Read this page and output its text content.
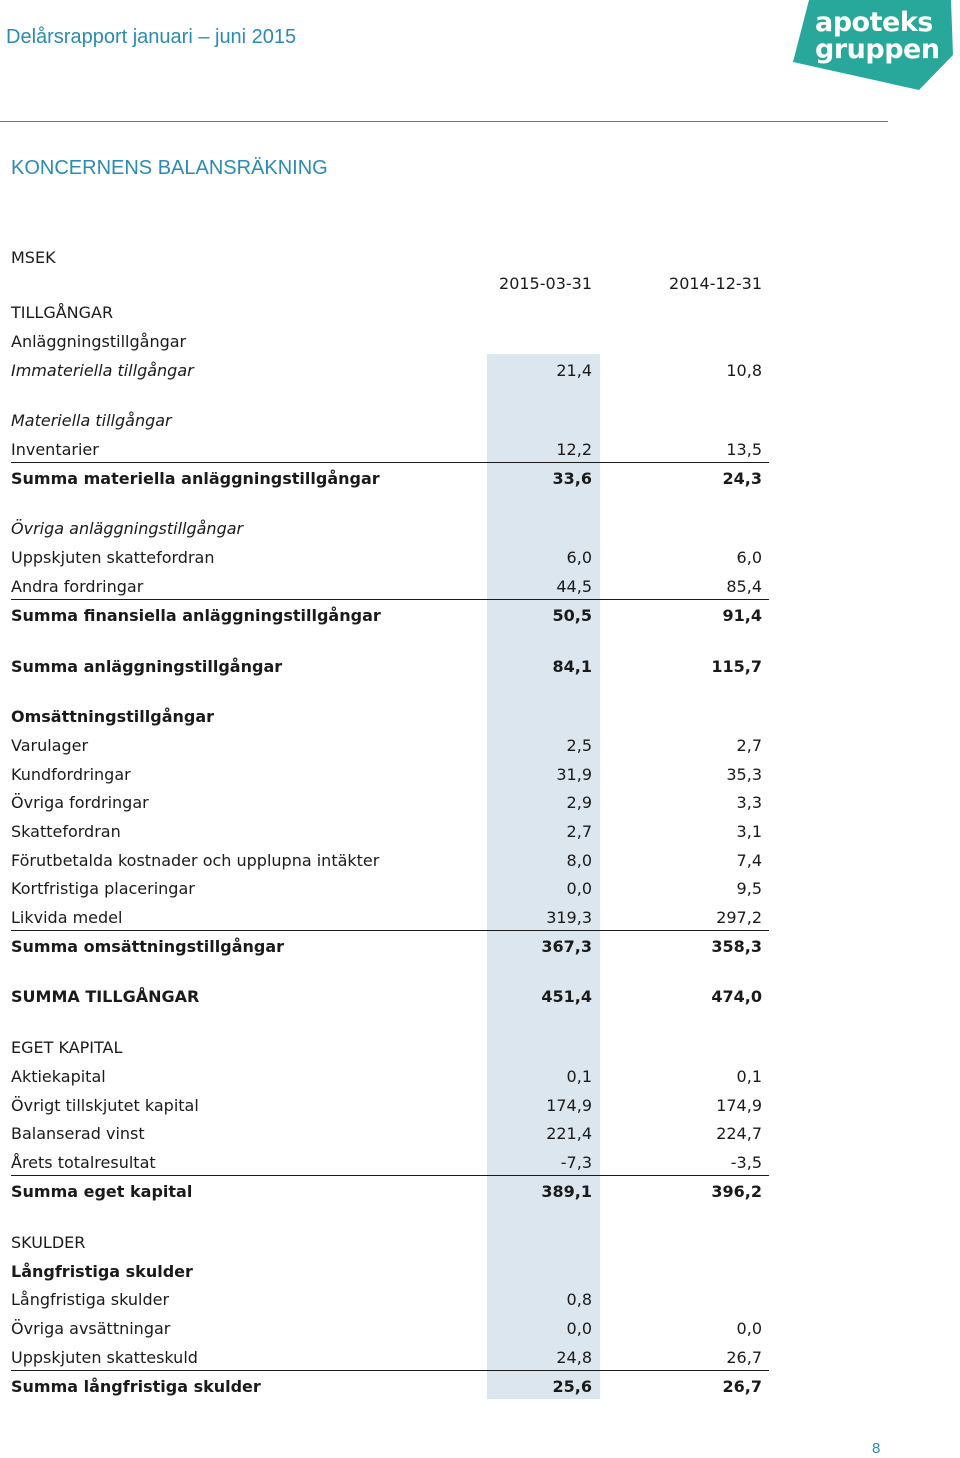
Delårsrapport januari – juni 2015	apoteks
gruppen
KONCERNENS BALANSRÄKNING
MSEK
2015-03-31	2014-12-31
TILLGÅNGAR
Anläggningstillgångar
Immateriella tillgångar	21,4	10,8
Materiella tillgångar
Inventarier	12,2	13,5
Summa materiella anläggningstillgångar	33,6	24,3
Övriga anläggningstillgångar
Uppskjuten skattefordran	6,0	6,0
Andra fordringar	44,5	85,4
Summa finansiella anläggningstillgångar	50,5	91,4
Summa anläggningstillgångar	84,1	115,7
Omsättningstillgångar
Varulager	2,5	2,7
Kundfordringar	31,9	35,3
Övriga fordringar	2,9	3,3
Skattefordran	2,7	3,1
Förutbetalda kostnader och upplupna intäkter	8,0	7,4
Kortfristiga placeringar	0,0	9,5
Likvida medel	319,3	297,2
Summa omsättningstillgångar	367,3	358,3
SUMMA TILLGÅNGAR	451,4	474,0
EGET KAPITAL
Aktiekapital	0,1	0,1
Övrigt tillskjutet kapital	174,9	174,9
Balanserad vinst	221,4	224,7
Årets totalresultat	-7,3	-3,5
Summa eget kapital	389,1	396,2
SKULDER
Långfristiga skulder
Långfristiga skulder	0,8
Övriga avsättningar	0,0	0,0
Uppskjuten skatteskuld	24,8	26,7
Summa långfristiga skulder	25,6	26,7
8
